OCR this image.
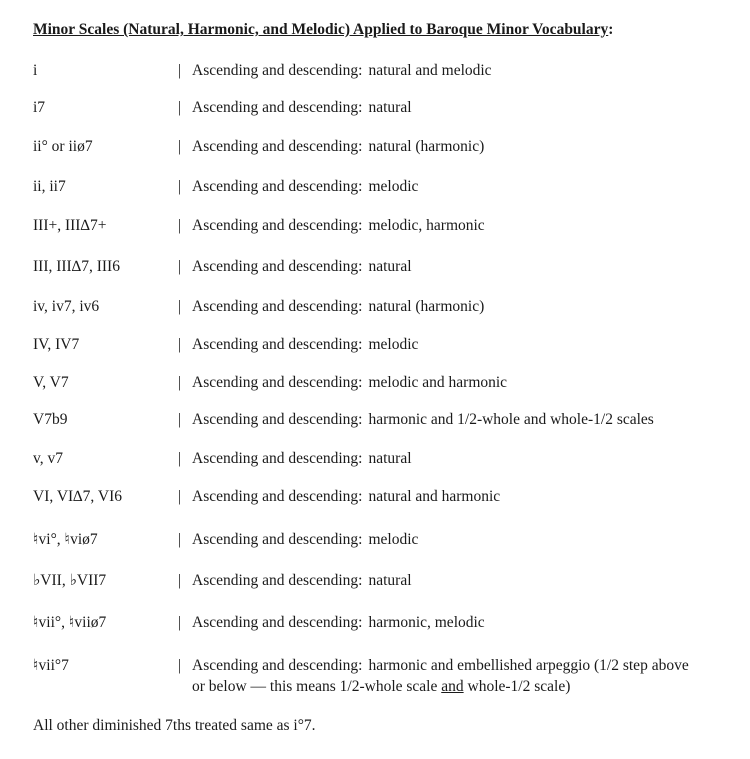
Minor Scales (Natural, Harmonic, and Melodic) Applied to Baroque Minor Vocabulary:
i	| Ascending and descending: natural and melodic
i7	| Ascending and descending: natural
ii° or iiø7	| Ascending and descending: natural (harmonic)
ii, ii7	| Ascending and descending: melodic
III+, III∆7+	| Ascending and descending: melodic, harmonic
III, III∆7, III6	| Ascending and descending: natural
iv, iv7, iv6	| Ascending and descending: natural (harmonic)
IV, IV7	| Ascending and descending: melodic
V, V7	| Ascending and descending: melodic and harmonic
V7b9	| Ascending and descending: harmonic and 1/2-whole and whole-1/2 scales
v, v7	| Ascending and descending: natural
VI, VI∆7, VI6	| Ascending and descending: natural and harmonic
♮vi°, ♮viø7	| Ascending and descending: melodic
♭VII, ♭VII7	| Ascending and descending: natural
♮vii°, ♮viiø7	| Ascending and descending: harmonic, melodic
♮vii°7	| Ascending and descending: harmonic and embellished arpeggio (1/2 step above
or below — this means 1/2-whole scale and whole-1/2 scale)
All other diminished 7ths treated same as i°7.
